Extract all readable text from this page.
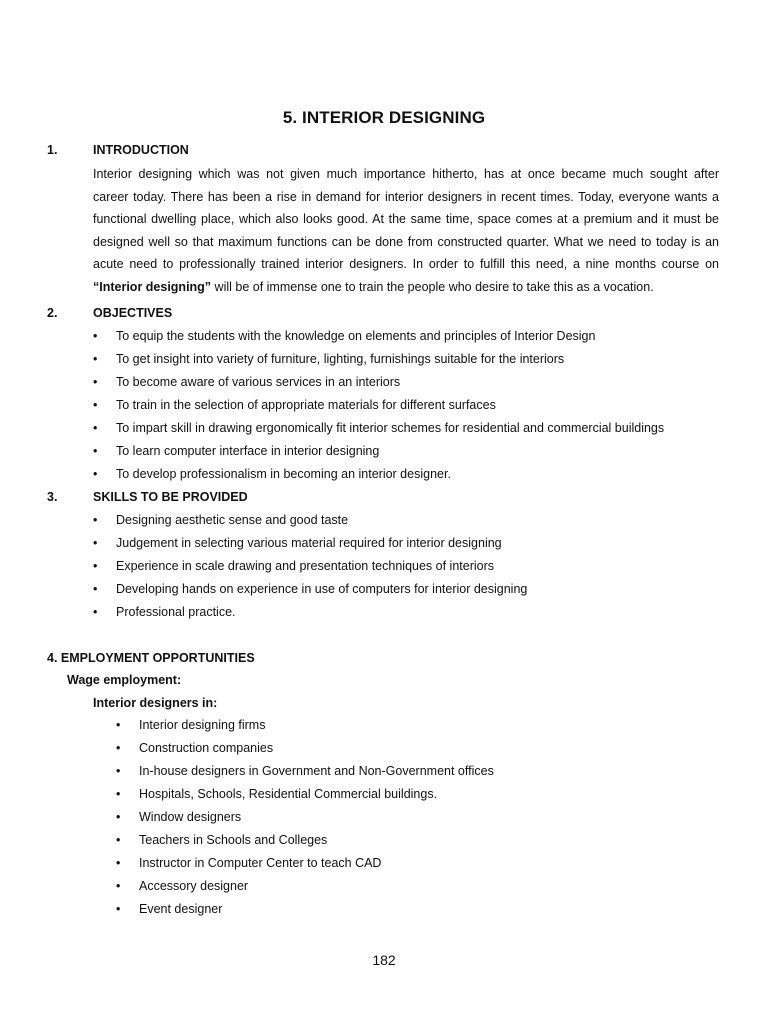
5. INTERIOR DESIGNING
1.	INTRODUCTION
Interior designing which was not given much importance hitherto, has at once became much sought after
career today. There has been a rise in demand for interior designers in recent times. Today, everyone wants a
functional dwelling place, which also looks good. At the same time, space comes at a premium and it must be
designed well so that maximum functions can be done from constructed quarter. What we need to today is an
acute need to professionally trained interior designers. In order to fulfill this need, a nine months course on
“Interior designing” will be of immense one to train the people who desire to take this as a vocation.
2.	OBJECTIVES
• To equip the students with the knowledge on elements and principles of Interior Design
• To get insight into variety of furniture, lighting, furnishings suitable for the interiors
• To become aware of various services in an interiors
• To train in the selection of appropriate materials for different surfaces
• To impart skill in drawing ergonomically fit interior schemes for residential and commercial buildings
• To learn computer interface in interior designing
• To develop professionalism in becoming an interior designer.
3.	SKILLS TO BE PROVIDED
• Designing aesthetic sense and good taste
• Judgement in selecting various material required for interior designing
• Experience in scale drawing and presentation techniques of interiors
• Developing hands on experience in use of computers for interior designing
• Professional practice.
4. EMPLOYMENT OPPORTUNITIES
Wage employment:
Interior designers in:
• Interior designing firms
• Construction companies
• In-house designers in Government and Non-Government offices
• Hospitals, Schools, Residential Commercial buildings.
• Window designers
• Teachers in Schools and Colleges
• Instructor in Computer Center to teach CAD
• Accessory designer
• Event designer
182
